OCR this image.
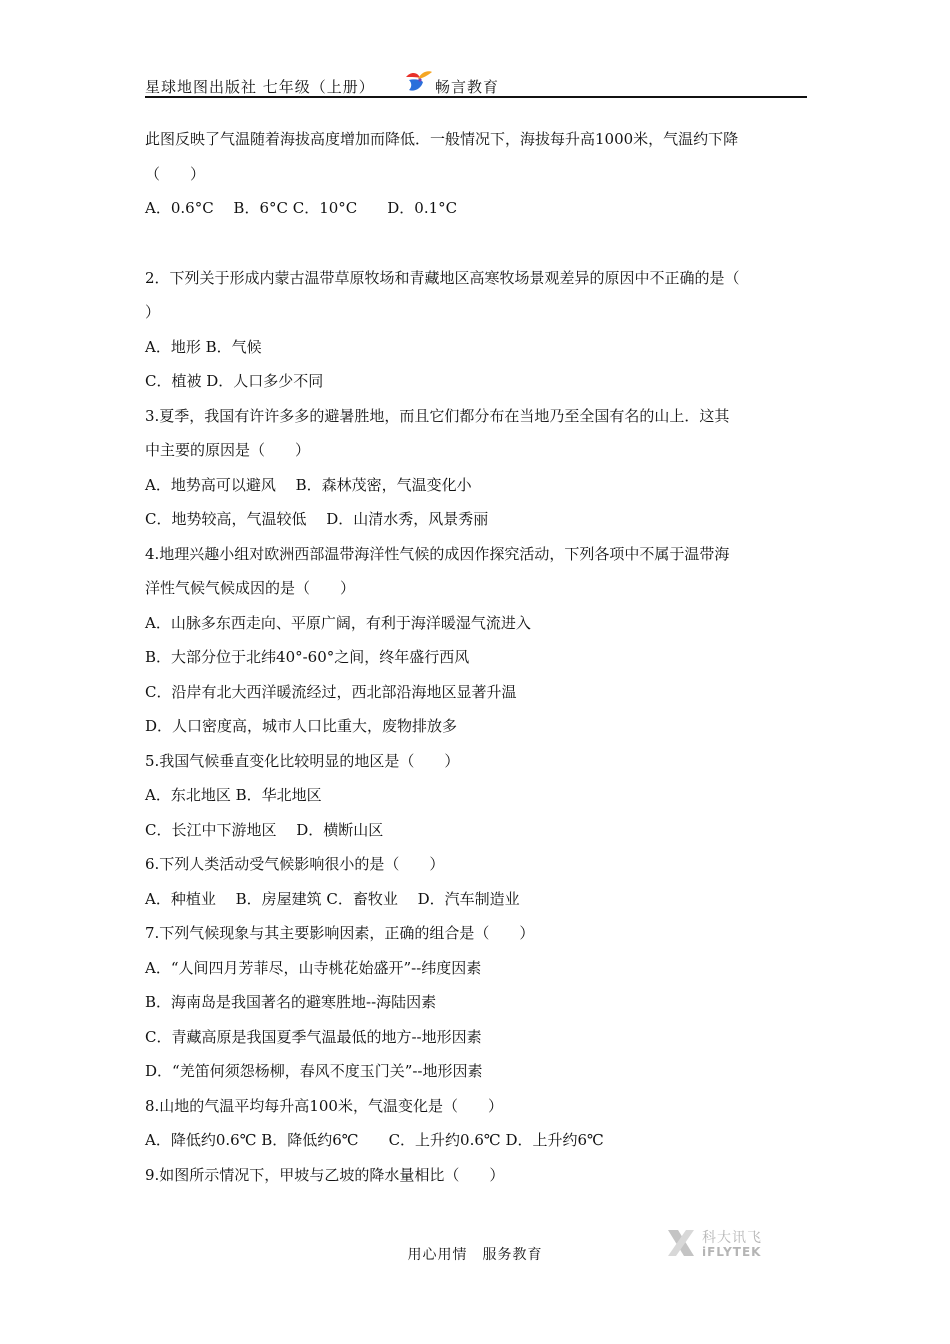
星球地图出版社 七年级（上册）	畅言教育
此图反映了气温随着海拔高度增加而降低．一般情况下，海拔每升高1000米，气温约下降
（　　）
A．0.6°C　 B．6°C C．10°C　　D．0.1°C
2．下列关于形成内蒙古温带草原牧场和青藏地区高寒牧场景观差异的原因中不正确的是（
）
A．地形 B．气候
C．植被 D．人口多少不同
3.夏季，我国有许许多多的避暑胜地，而且它们都分布在当地乃至全国有名的山上．这其
中主要的原因是（　　）
A．地势高可以避风　 B．森林茂密，气温变化小
C．地势较高，气温较低　 D．山清水秀，风景秀丽
4.地理兴趣小组对欧洲西部温带海洋性气候的成因作探究活动，下列各项中不属于温带海
洋性气候气候成因的是（　　）
A．山脉多东西走向、平原广阔，有利于海洋暖湿气流进入
B．大部分位于北纬40°-60°之间，终年盛行西风
C．沿岸有北大西洋暖流经过，西北部沿海地区显著升温
D．人口密度高，城市人口比重大，废物排放多
5.我国气候垂直变化比较明显的地区是（　　）
A．东北地区 B．华北地区
C．长江中下游地区　 D．横断山区
6.下列人类活动受气候影响很小的是（　　）
A．种植业　 B．房屋建筑 C．畜牧业　 D．汽车制造业
7.下列气候现象与其主要影响因素，正确的组合是（　　）
A．“人间四月芳菲尽，山寺桃花始盛开”--纬度因素
B．海南岛是我国著名的避寒胜地--海陆因素
C．青藏高原是我国夏季气温最低的地方--地形因素
D．“羌笛何须怨杨柳，春风不度玉门关”--地形因素
8.山地的气温平均每升高100米，气温变化是（　　）
A．降低约0.6℃ B．降低约6℃　　C．上升约0.6℃ D．上升约6℃
9.如图所示情况下，甲坡与乙坡的降水量相比（　　）
用心用情　服务教育
科大讯飞
iFLYTEK
